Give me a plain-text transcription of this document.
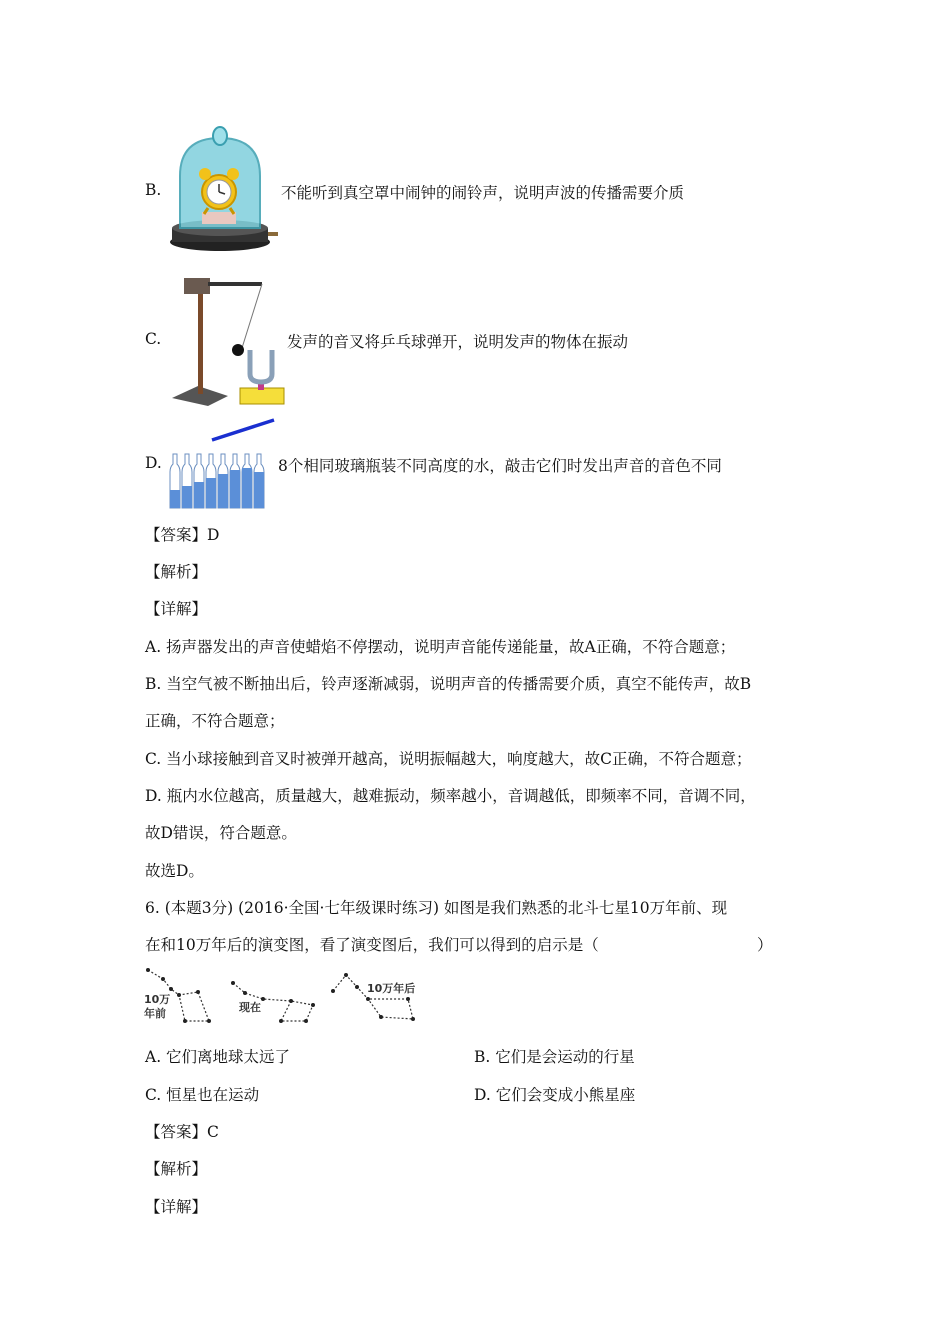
B.	不能听到真空罩中闹钟的闹铃声，说明声波的传播需要介质
C.	发声的音叉将乒乓球弹开，说明发声的物体在振动
D.	8个相同玻璃瓶装不同高度的水，敲击它们时发出声音的音色不同
【答案】D
【解析】
【详解】
A. 扬声器发出的声音使蜡焰不停摆动，说明声音能传递能量，故A正确，不符合题意；
B. 当空气被不断抽出后，铃声逐渐减弱，说明声音的传播需要介质，真空不能传声，故B
正确，不符合题意；
C. 当小球接触到音叉时被弹开越高，说明振幅越大，响度越大，故C正确，不符合题意；
D. 瓶内水位越高，质量越大，越难振动，频率越小，音调越低，即频率不同，音调不同，
故D错误，符合题意。
故选D。
6. (本题3分) (2016·全国·七年级课时练习) 如图是我们熟悉的北斗七星10万年前、现
在和10万年后的演变图，看了演变图后，我们可以得到的启示是（	）
10万
年前	现在
10万年后
A. 它们离地球太远了	B. 它们是会运动的行星
C. 恒星也在运动	D. 它们会变成小熊星座
【答案】C
【解析】
【详解】
